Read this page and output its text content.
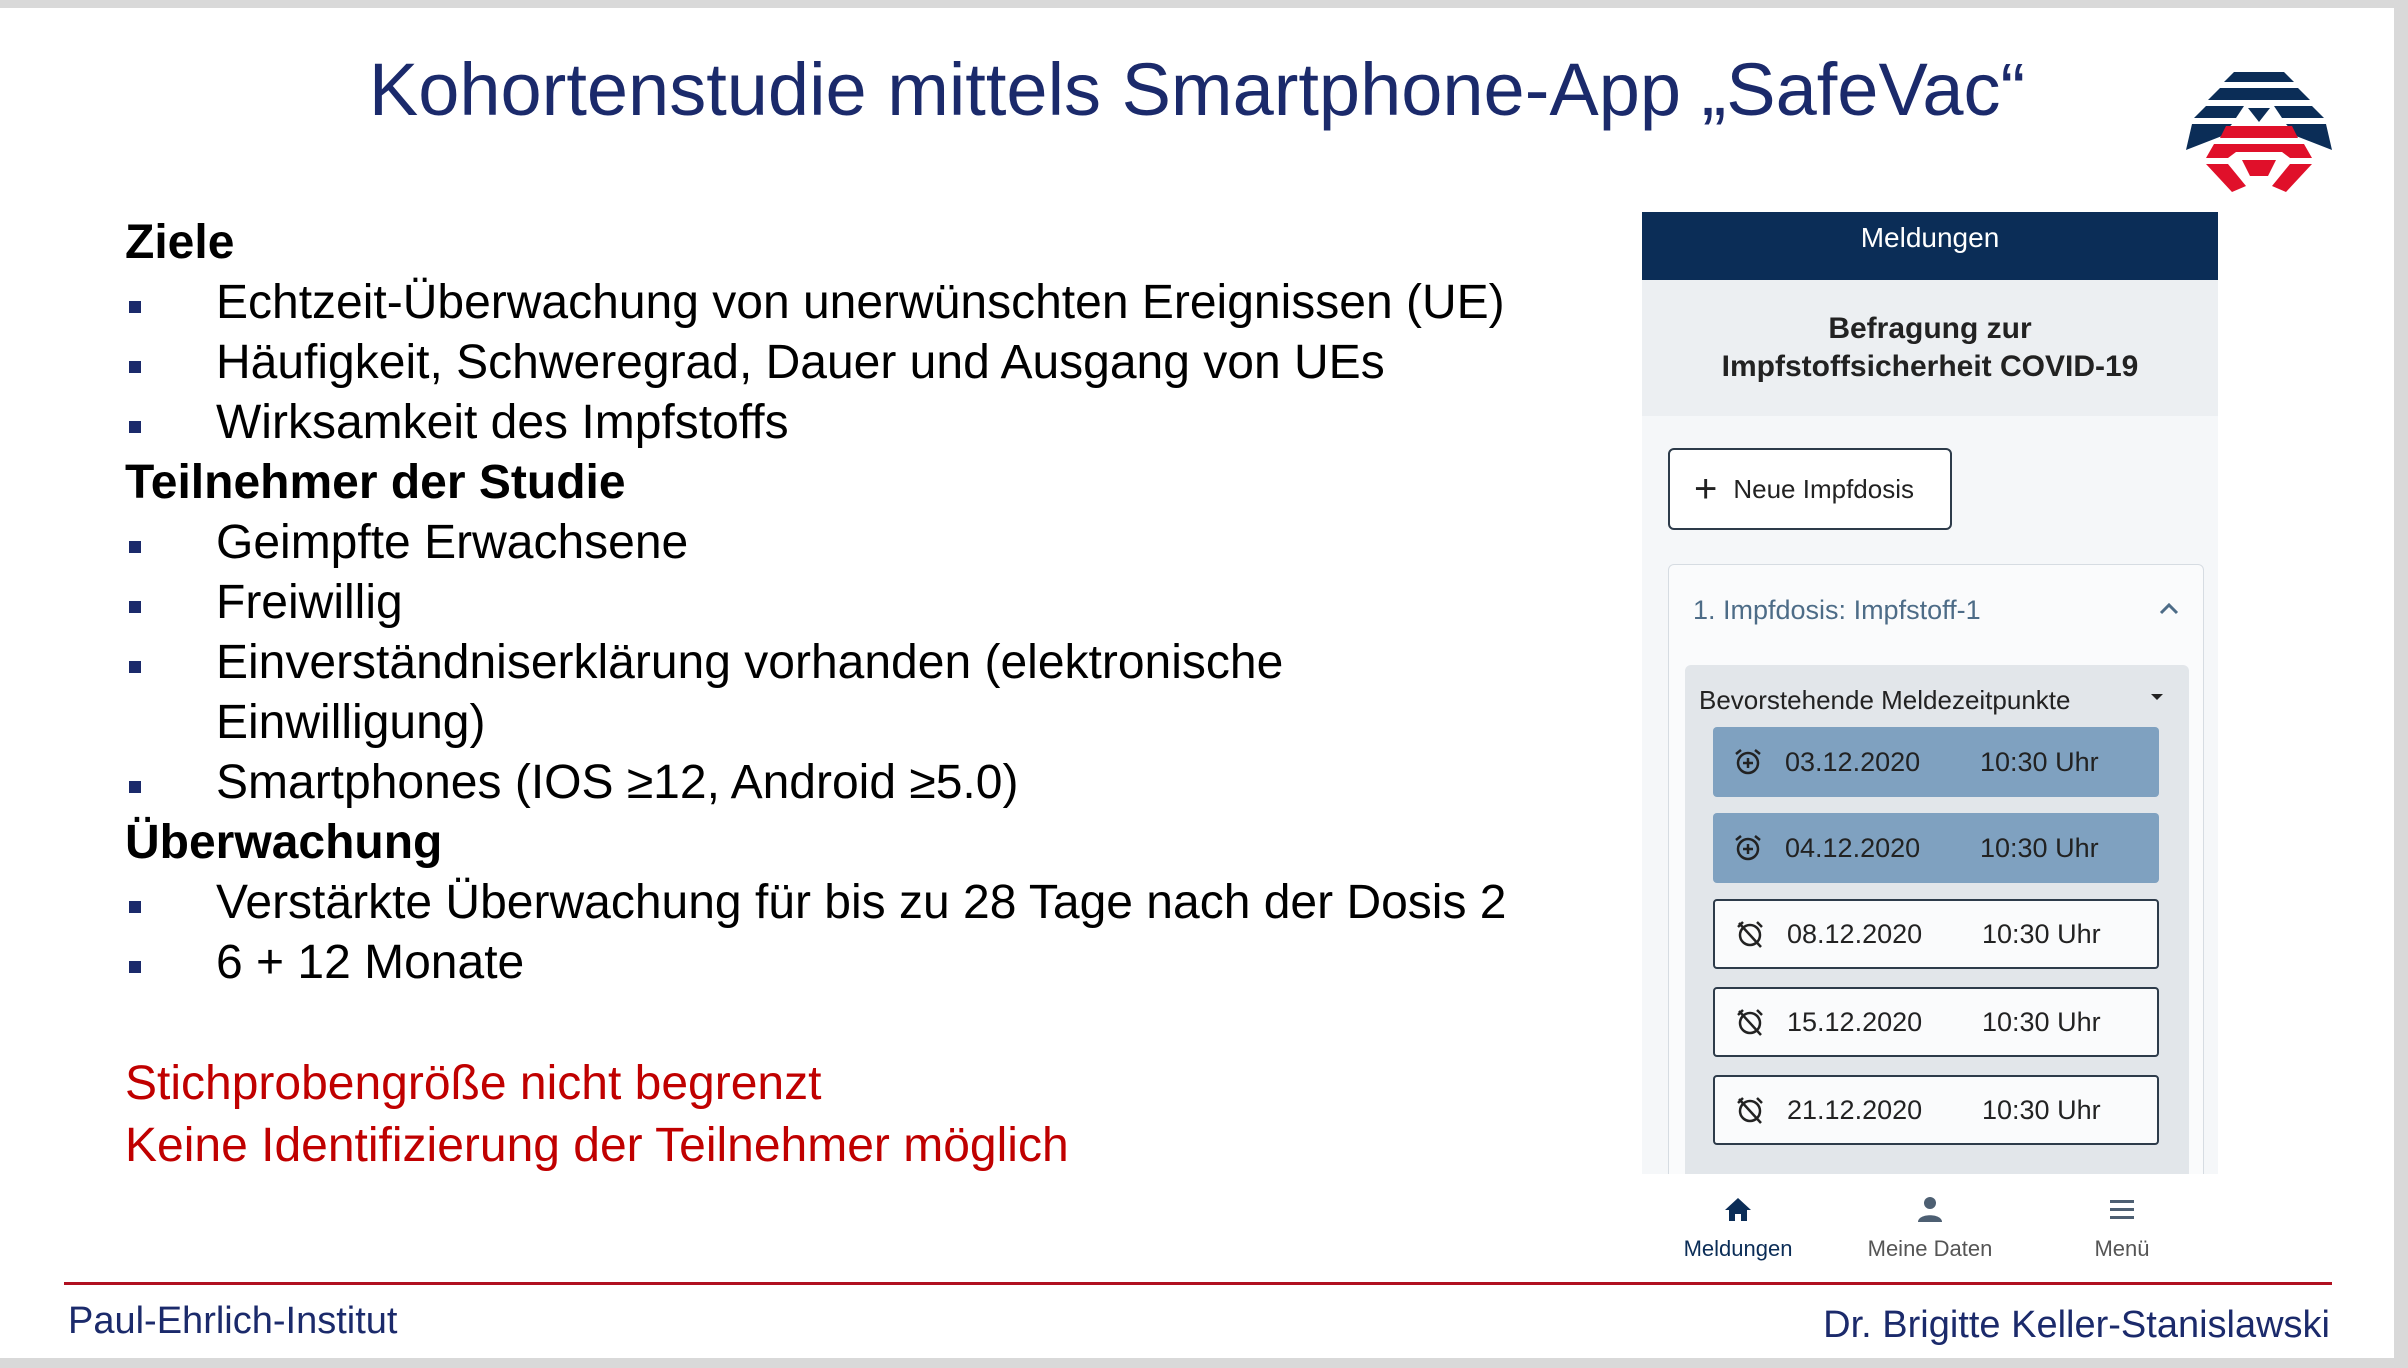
Kohortenstudie mittels Smartphone-App „SafeVac“
Ziele
Echtzeit-Überwachung von unerwünschten Ereignissen (UE)
Häufigkeit, Schweregrad, Dauer und Ausgang von UEs
Wirksamkeit des Impfstoffs
Teilnehmer der Studie
Geimpfte Erwachsene
Freiwillig
Einverständniserklärung vorhanden (elektronische Einwilligung)
Smartphones (IOS ≥12, Android ≥5.0)
Überwachung
Verstärkte Überwachung für bis zu 28 Tage nach der Dosis 2
6 + 12 Monate
Stichprobengröße nicht begrenzt
Keine Identifizierung der Teilnehmer möglich
Meldungen
Befragung zur
Impfstoffsicherheit COVID-19
+ Neue Impfdosis
1. Impfdosis: Impfstoff-1
Bevorstehende Meldezeitpunkte
03.12.2020	10:30 Uhr
04.12.2020	10:30 Uhr
08.12.2020	10:30 Uhr
15.12.2020	10:30 Uhr
21.12.2020	10:30 Uhr
Meldungen	Meine Daten	Menü
Paul-Ehrlich-Institut	Dr. Brigitte Keller-Stanislawski
